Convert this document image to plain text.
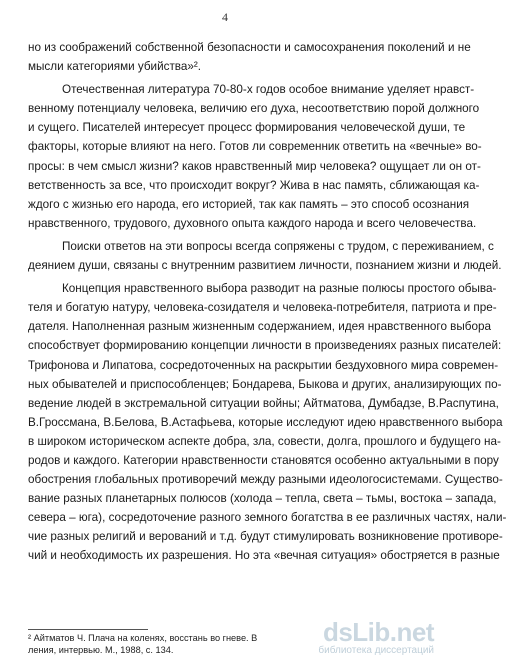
4
но из соображений собственной безопасности и самосохранения поколений и не
мысли категориями убийства»².
Отечественная литература 70-80-х годов особое внимание уделяет нравст-
венному потенциалу человека, величию его духа, несоответствию порой должного
и сущего. Писателей интересует процесс формирования человеческой души, те
факторы, которые влияют на него. Готов ли современник ответить на «вечные» во-
просы: в чем смысл жизни? каков нравственный мир человека? ощущает ли он от-
ветственность за все, что происходит вокруг? Жива в нас память, сближающая ка-
ждого с жизнью его народа, его историей, так как память – это способ осознания
нравственного, трудового, духовного опыта каждого народа и всего человечества.
Поиски ответов на эти вопросы всегда сопряжены с трудом, с переживанием, с
деянием души, связаны с внутренним развитием личности, познанием жизни и людей.
Концепция нравственного выбора разводит на разные полюсы простого обыва-
теля и богатую натуру, человека-созидателя и человека-потребителя, патриота и пре-
дателя. Наполненная разным жизненным содержанием, идея нравственного выбора
способствует формированию концепции личности в произведениях разных писателей:
Трифонова и Липатова, сосредоточенных на раскрытии бездуховного мира современ-
ных обывателей и приспособленцев; Бондарева, Быкова и других, анализирующих по-
ведение людей в экстремальной ситуации войны; Айтматова, Думбадзе, В.Распутина,
В.Гроссмана, В.Белова, В.Астафьева, которые исследуют идею нравственного выбора
в широком историческом аспекте добра, зла, совести, долга, прошлого и будущего на-
родов и каждого. Категории нравственности становятся особенно актуальными в пору
обострения глобальных противоречий между разными идеологосистемами. Существо-
вание разных планетарных полюсов (холода – тепла, света – тьмы, востока – запада,
севера – юга), сосредоточение разного земного богатства в ее различных частях, нали-
чие разных религий и верований и т.д. будут стимулировать возникновение противоре-
чий и необходимость их разрешения. Но эта «вечная ситуация» обостряется в разные
² Айтматов Ч. Плача на коленях, восстань во гневе. В
ления, интервью. М., 1988, с. 134.
dsLib.net
библиотека диссертаций
